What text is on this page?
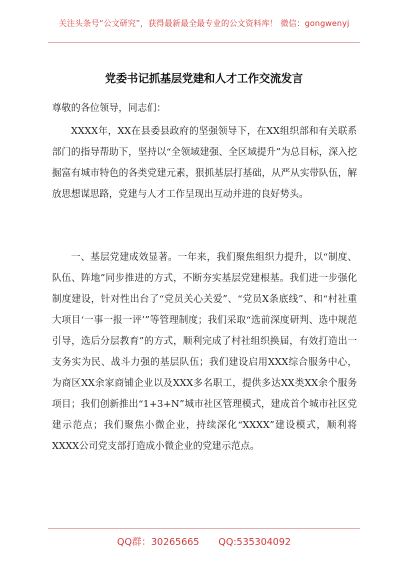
关注头条号“公文研究”，获得最新最全最专业的公文资料库！ 微信：gongwenyj
党委书记抓基层党建和人才工作交流发言
尊敬的各位领导，同志们：

XXXX年，XX在县委县政府的坚强领导下，在XX组织部和有关联系部门的指导帮助下，坚持以“全领域建强、全区域提升”为总目标，深入挖掘富有城市特色的各类党建元素，狠抓基层打基础，从严从实带队伍，解放思想谋思路，党建与人才工作呈现出互动并进的良好势头。

一、基层党建成效显著。一年来，我们聚焦组织力提升，以“制度、队伍、阵地”同步推进的方式，不断夯实基层党建根基。我们进一步强化制度建设，针对性出台了“党员关心关爱”、“党员X条底线”、和“村社重大项目‘一事一报一评’”等管理制度；我们采取“选前深度研判、选中规范引导，选后分层教育”的方式，顺利完成了村社组织换届，有效打造出一支务实为民、战斗力强的基层队伍；我们建设启用XXX综合服务中心，为商区XX余家商铺企业以及XXX多名职工，提供多达XX类XX余个服务项目；我们创新推出“1+3+N”城市社区管理模式，建成首个城市社区党建示范点；我们聚焦小微企业，持续深化“XXXX”建设模式，顺利将XXXX公司党支部打造成小微企业的党建示范点。

QQ群：30265665 QQ:535304092
